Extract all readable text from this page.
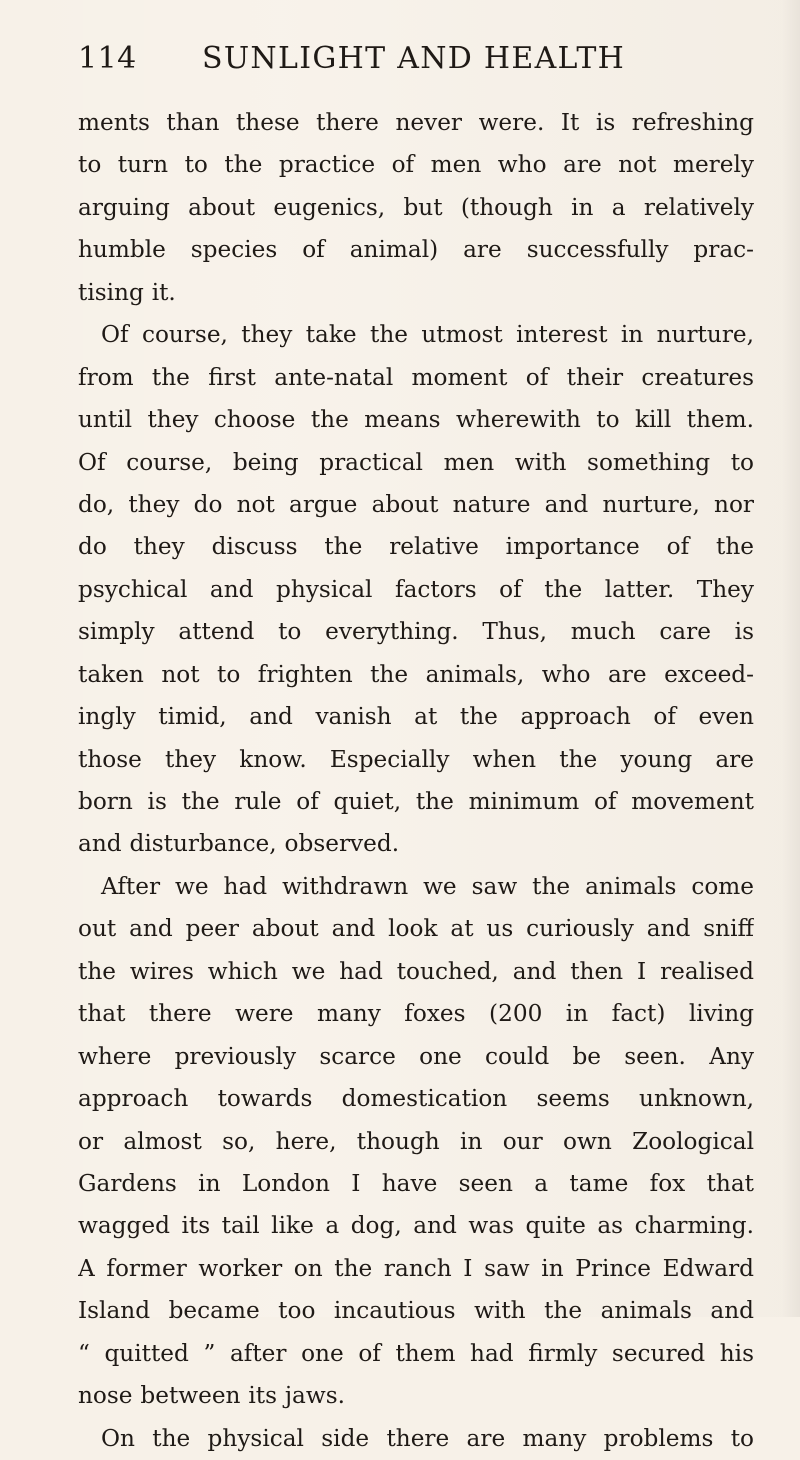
114 SUNLIGHT AND HEALTH
ments than these there never were. It is refreshing
to turn to the practice of men who are not merely
arguing about eugenics, but (though in a relatively
humble species of animal) are successfully prac-
tising it.
Of course, they take the utmost interest in nurture,
from the first ante-natal moment of their creatures
until they choose the means wherewith to kill them.
Of course, being practical men with something to
do, they do not argue about nature and nurture, nor
do they discuss the relative importance of the
psychical and physical factors of the latter. They
simply attend to everything. Thus, much care is
taken not to frighten the animals, who are exceed-
ingly timid, and vanish at the approach of even
those they know. Especially when the young are
born is the rule of quiet, the minimum of movement
and disturbance, observed.
After we had withdrawn we saw the animals come
out and peer about and look at us curiously and sniff
the wires which we had touched, and then I realised
that there were many foxes (200 in fact) living
where previously scarce one could be seen. Any
approach towards domestication seems unknown,
or almost so, here, though in our own Zoological
Gardens in London I have seen a tame fox that
wagged its tail like a dog, and was quite as charming.
A former worker on the ranch I saw in Prince Edward
Island became too incautious with the animals and
“ quitted ” after one of them had firmly secured his
nose between its jaws.
On the physical side there are many problems to
